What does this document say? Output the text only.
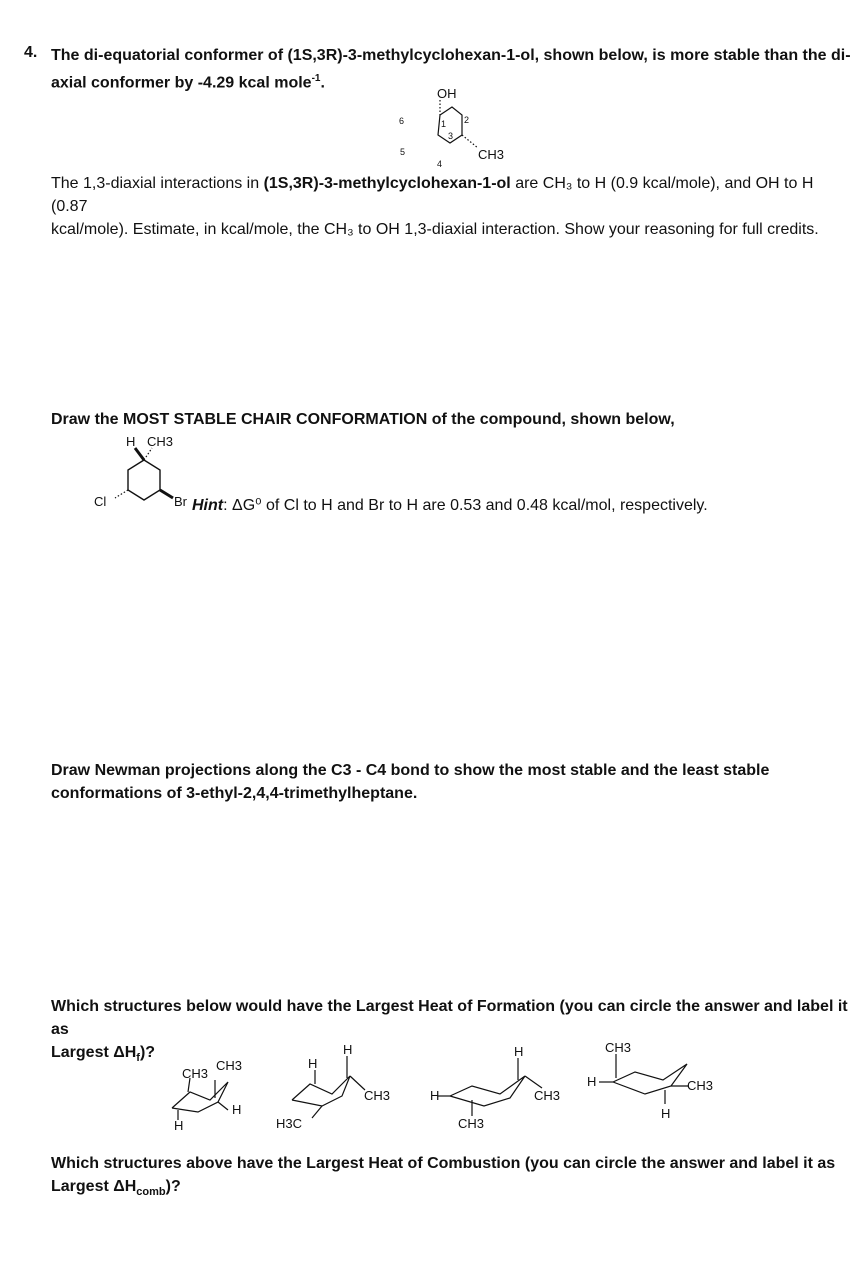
4. The di-equatorial conformer of (1S,3R)-3-methylcyclohexan-1-ol, shown below, is more stable than the di-
axial conformer by -4.29 kcal mole$^{-1}$.
OH
CH3
1 2
3
4
5
6
The 1,3-diaxial interactions in (1S,3R)-3-methylcyclohexan-1-ol are CH₃ to H (0.9 kcal/mole), and OH to H (0.87
kcal/mole). Estimate, in kcal/mole, the CH₃ to OH 1,3-diaxial interaction. Show your reasoning for full credits.
Draw the MOST STABLE CHAIR CONFORMATION of the compound, shown below,
H CH3
Cl	Br Hint: ΔG⁰ of Cl to H and Br to H are 0.53 and 0.48 kcal/mol, respectively.
Draw Newman projections along the C3 - C4 bond to show the most stable and the least stable
conformations of 3-ethyl-2,4,4-trimethylheptane.
Which structures below would have the Largest Heat of Formation (you can circle the answer and label it as
Largest $\Delta H_f$)?
CH3
CH3
H
H
H
H
CH3
H3C
H
H
CH3
CH3
CH3
H	CH3
H
Which structures above have the Largest Heat of Combustion (you can circle the answer and label it as
Largest $\Delta H_{comb}$)?
